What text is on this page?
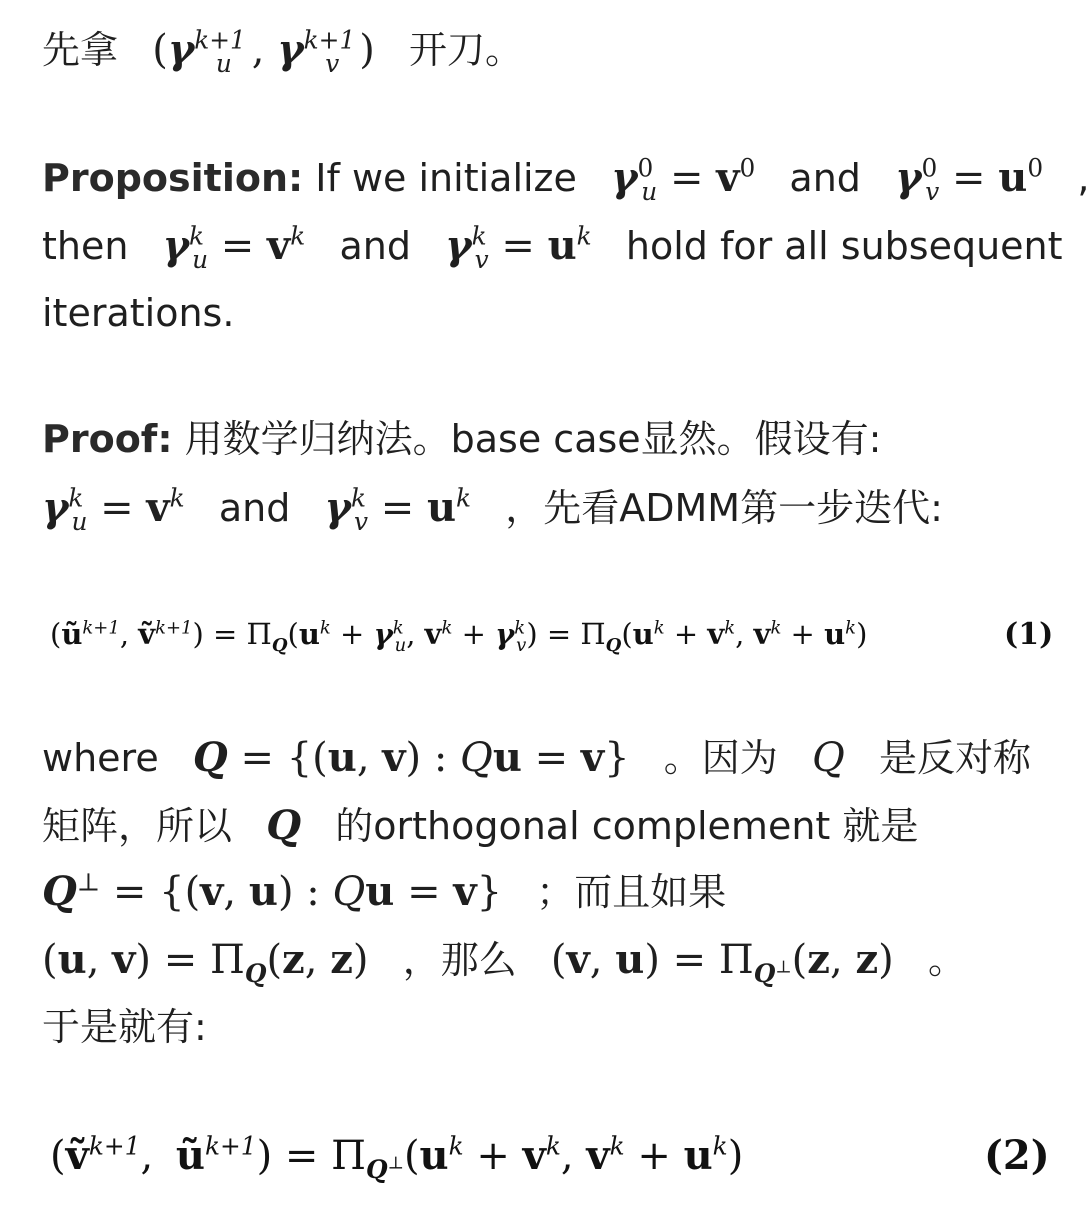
先拿 ($\gamma^{k+1}_u$ , $\gamma^{k+1}_v$ ) 开刀。
Proposition: If we initialize $\gamma^0_u = v^0$ and $\gamma^0_v = u^0$ ,
then $\gamma^k_u = v^k$ and $\gamma^k_v = u^k$ hold for all subsequent
iterations.
Proof: 用数学归纳法。base case显然。假设有:
$\gamma^k_u = v^k$ and $\gamma^k_v = u^k$ ，先看ADMM第一步迭代:
($ũ^{k+1}$, ṽ$^{k+1}$) = $\Pi_Q(u^k + \gamma^k_u$, $v^k + \gamma^k_v) = \Pi_Q(u^k + v^k$, $v^k + u^k$)	(1)
where Q = {(u, v) : Qu = v} 。因为 Q 是反对称
矩阵，所以 Q 的orthogonal complement 就是
Q⊥ = {(v, u) : Qu = v} ；而且如果
(u, $v) = \Pi_Q(z$, z) ，那么 (v, $u) = \Pi_{Q^\perp}(z$, z) 。
于是就有:
(ṽ$^{k+1}$, $ũ^{k+1}) = \Pi_{Q^\perp}(u^k + v^k$, $v^k + u^k$)	(2)
